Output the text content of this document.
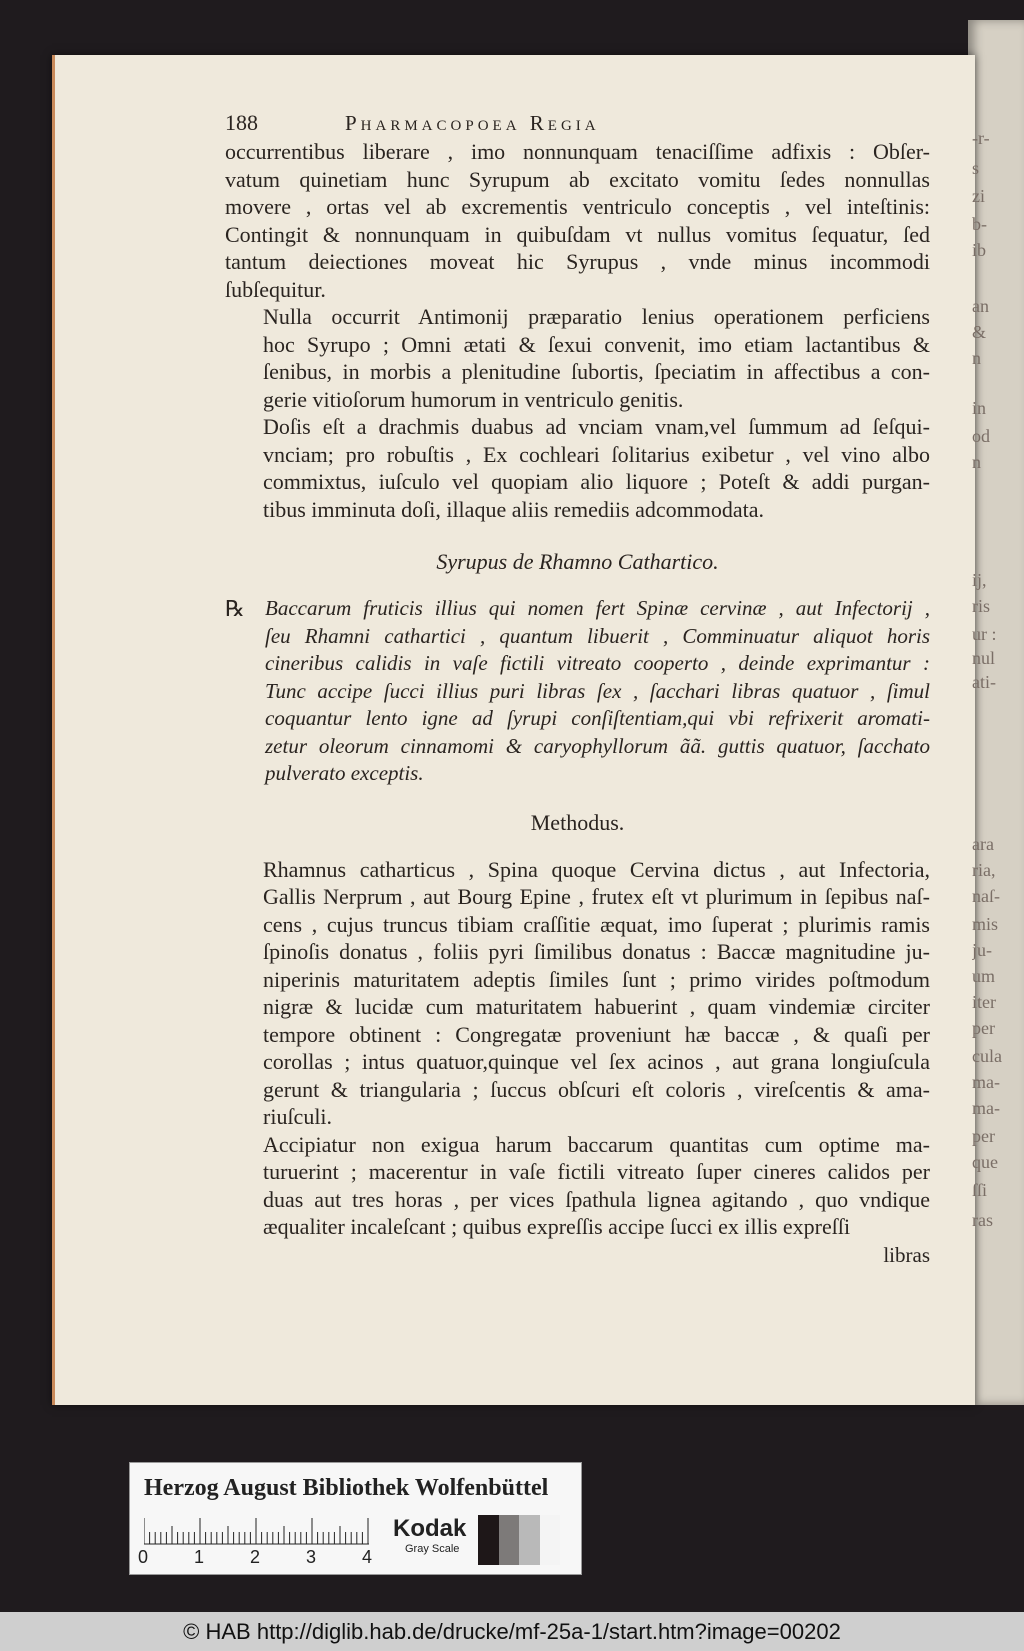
188	Pharmacopoea Regia

occurrentibus liberare , imo nonnunquam tenaciſſime adfixis : Obſer-
vatum quinetiam hunc Syrupum ab excitato vomitu ſedes nonnullas
movere , ortas vel ab excrementis ventriculo conceptis , vel inteſtinis:
Contingit & nonnunquam in quibuſdam vt nullus vomitus ſequatur, ſed
tantum deiectiones moveat hic Syrupus , vnde minus incommodi
ſubſequitur.

Nulla occurrit Antimonij præparatio lenius operationem perficiens
hoc Syrupo ; Omni ætati & ſexui convenit, imo etiam lactantibus &
ſenibus, in morbis a plenitudine ſubortis, ſpeciatim in affectibus a con-
gerie vitioſorum humorum in ventriculo genitis.

Doſis eſt a drachmis duabus ad vnciam vnam,vel ſummum ad ſeſqui-
vnciam; pro robuſtis , Ex cochleari ſolitarius exibetur , vel vino albo
commixtus, iuſculo vel quopiam alio liquore ; Poteſt & addi purgan-
tibus imminuta doſi, illaque aliis remediis adcommodata.

Syrupus de Rhamno Cathartico.
℞ Baccarum fruticis illius qui nomen fert Spinæ cervinæ , aut Infectorij ,
ſeu Rhamni cathartici , quantum libuerit , Comminuatur aliquot horis
cineribus calidis in vaſe fictili vitreato cooperto , deinde exprimantur :
Tunc accipe ſucci illius puri libras ſex , ſacchari libras quatuor , ſimul
coquantur lento igne ad ſyrupi conſiſtentiam,qui vbi refrixerit aromati-
zetur oleorum cinnamomi & caryophyllorum ãã. guttis quatuor, ſacchato
pulverato exceptis.

Methodus.

Rhamnus catharticus , Spina quoque Cervina dictus , aut Infectoria,
Gallis Nerprum , aut Bourg Epine , frutex eſt vt plurimum in ſepibus naſ-
cens , cujus truncus tibiam craſſitie æquat, imo ſuperat ; plurimis ramis
ſpinoſis donatus , foliis pyri ſimilibus donatus : Baccæ magnitudine ju-
niperinis maturitatem adeptis ſimiles ſunt ; primo virides poſtmodum
nigræ & lucidæ cum maturitatem habuerint , quam vindemiæ circiter
tempore obtinent : Congregatæ proveniunt hæ baccæ , & quaſi per
corollas ; intus quatuor,quinque vel ſex acinos , aut grana longiuſcula
gerunt & triangularia ; ſuccus obſcuri eſt coloris , vireſcentis & ama-
riuſculi.

Accipiatur non exigua harum baccarum quantitas cum optime ma-
turuerint ; macerentur in vaſe fictili vitreato ſuper cineres calidos per
duas aut tres horas , per vices ſpathula lignea agitando , quo vndique
æqualiter incaleſcant ; quibus expreſſis accipe ſucci ex illis expreſſi

libras
-r-
s
zi
b-
ib
an
&
n
in
od
n
ij,
ris
ur :
nul
ati-
ara
ria,
naſ-
mis
ju-
um
iter
per
cula
ma-
ma-
per
que
ſſi
ras
Herzog August Bibliothek Wolfenbüttel
0	1	2	3	4
Kodak
Gray Scale
© HAB http://diglib.hab.de/drucke/mf-25a-1/start.htm?image=00202
